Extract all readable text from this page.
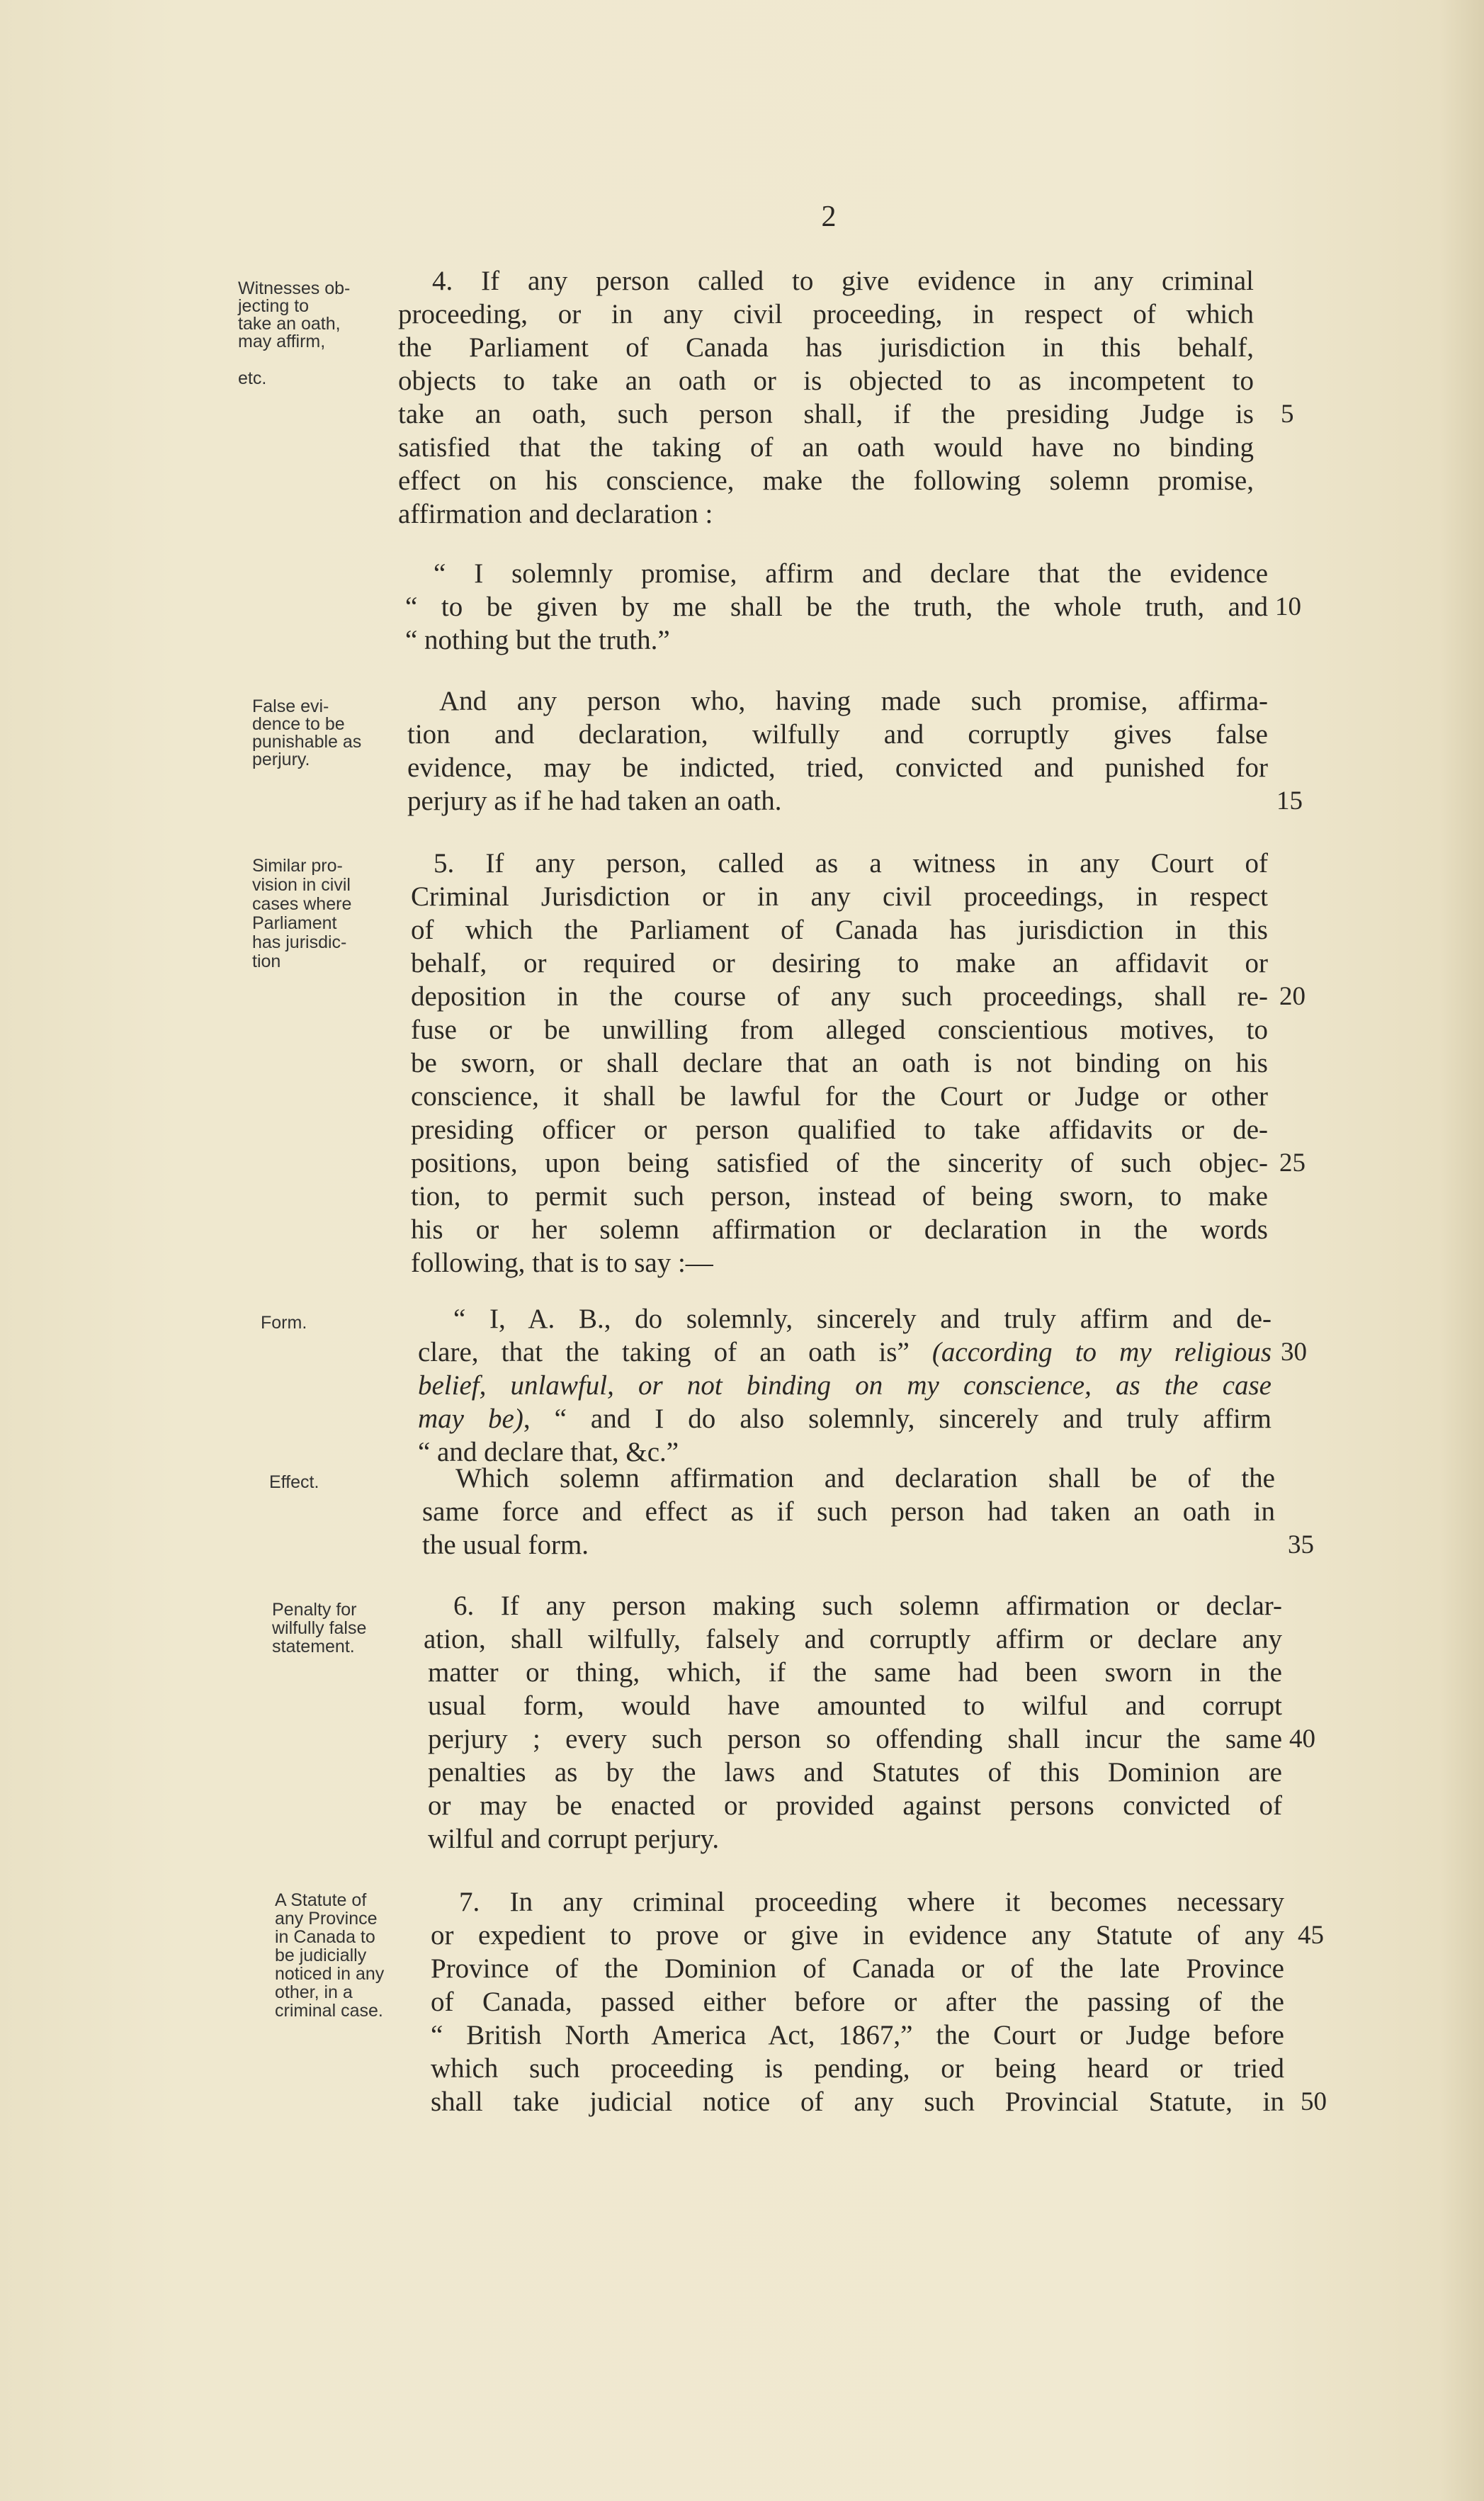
2
Witnesses ob-
jecting to
take an oath,
may affirm,
etc.
4. If any person called to give evidence in any criminal
proceeding, or in any civil proceeding, in respect of which
the Parliament of Canada has jurisdiction in this behalf,
objects to take an oath or is objected to as incompetent to
take an oath, such person shall, if the presiding Judge is
satisfied that the taking of an oath would have no binding
effect on his conscience, make the following solemn promise,
affirmation and declaration :
“ I solemnly promise, affirm and declare that the evidence
“ to be given by me shall be the truth, the whole truth, and
“ nothing but the truth.”
False evi-
dence to be
punishable as
perjury.
And any person who, having made such promise, affirma-
tion and declaration, wilfully and corruptly gives false
evidence, may be indicted, tried, convicted and punished for
perjury as if he had taken an oath.
Similar pro-
vision in civil
cases where
Parliament
has jurisdic-
tion
5. If any person, called as a witness in any Court of
Criminal Jurisdiction or in any civil proceedings, in respect
of which the Parliament of Canada has jurisdiction in this
behalf, or required or desiring to make an affidavit or
deposition in the course of any such proceedings, shall re-
fuse or be unwilling from alleged conscientious motives, to
be sworn, or shall declare that an oath is not binding on his
conscience, it shall be lawful for the Court or Judge or other
presiding officer or person qualified to take affidavits or de-
positions, upon being satisfied of the sincerity of such objec-
tion, to permit such person, instead of being sworn, to make
his or her solemn affirmation or declaration in the words
following, that is to say :—
Form.	“ I, A. B., do solemnly, sincerely and truly affirm and de-
clare, that the taking of an oath is” (according to my religious
belief, unlawful, or not binding on my conscience, as the case
may be), “ and I do also solemnly, sincerely and truly affirm
“ and declare that, &c.”
Effect.	Which solemn affirmation and declaration shall be of the
same force and effect as if such person had taken an oath in
the usual form.
Penalty for
wilfully false
statement.
6. If any person making such solemn affirmation or declar-
ation, shall wilfully, falsely and corruptly affirm or declare any
matter or thing, which, if the same had been sworn in the
usual form, would have amounted to wilful and corrupt
perjury ; every such person so offending shall incur the same
penalties as by the laws and Statutes of this Dominion are
or may be enacted or provided against persons convicted of
wilful and corrupt perjury.
A Statute of
any Province
in Canada to
be judicially
noticed in any
other, in a
criminal case.
7. In any criminal proceeding where it becomes necessary
or expedient to prove or give in evidence any Statute of any
Province of the Dominion of Canada or of the late Province
of Canada, passed either before or after the passing of the
“ British North America Act, 1867,” the Court or Judge before
which such proceeding is pending, or being heard or tried
shall take judicial notice of any such Provincial Statute, in
5
10
15
20
25
30
35
40
45
50
